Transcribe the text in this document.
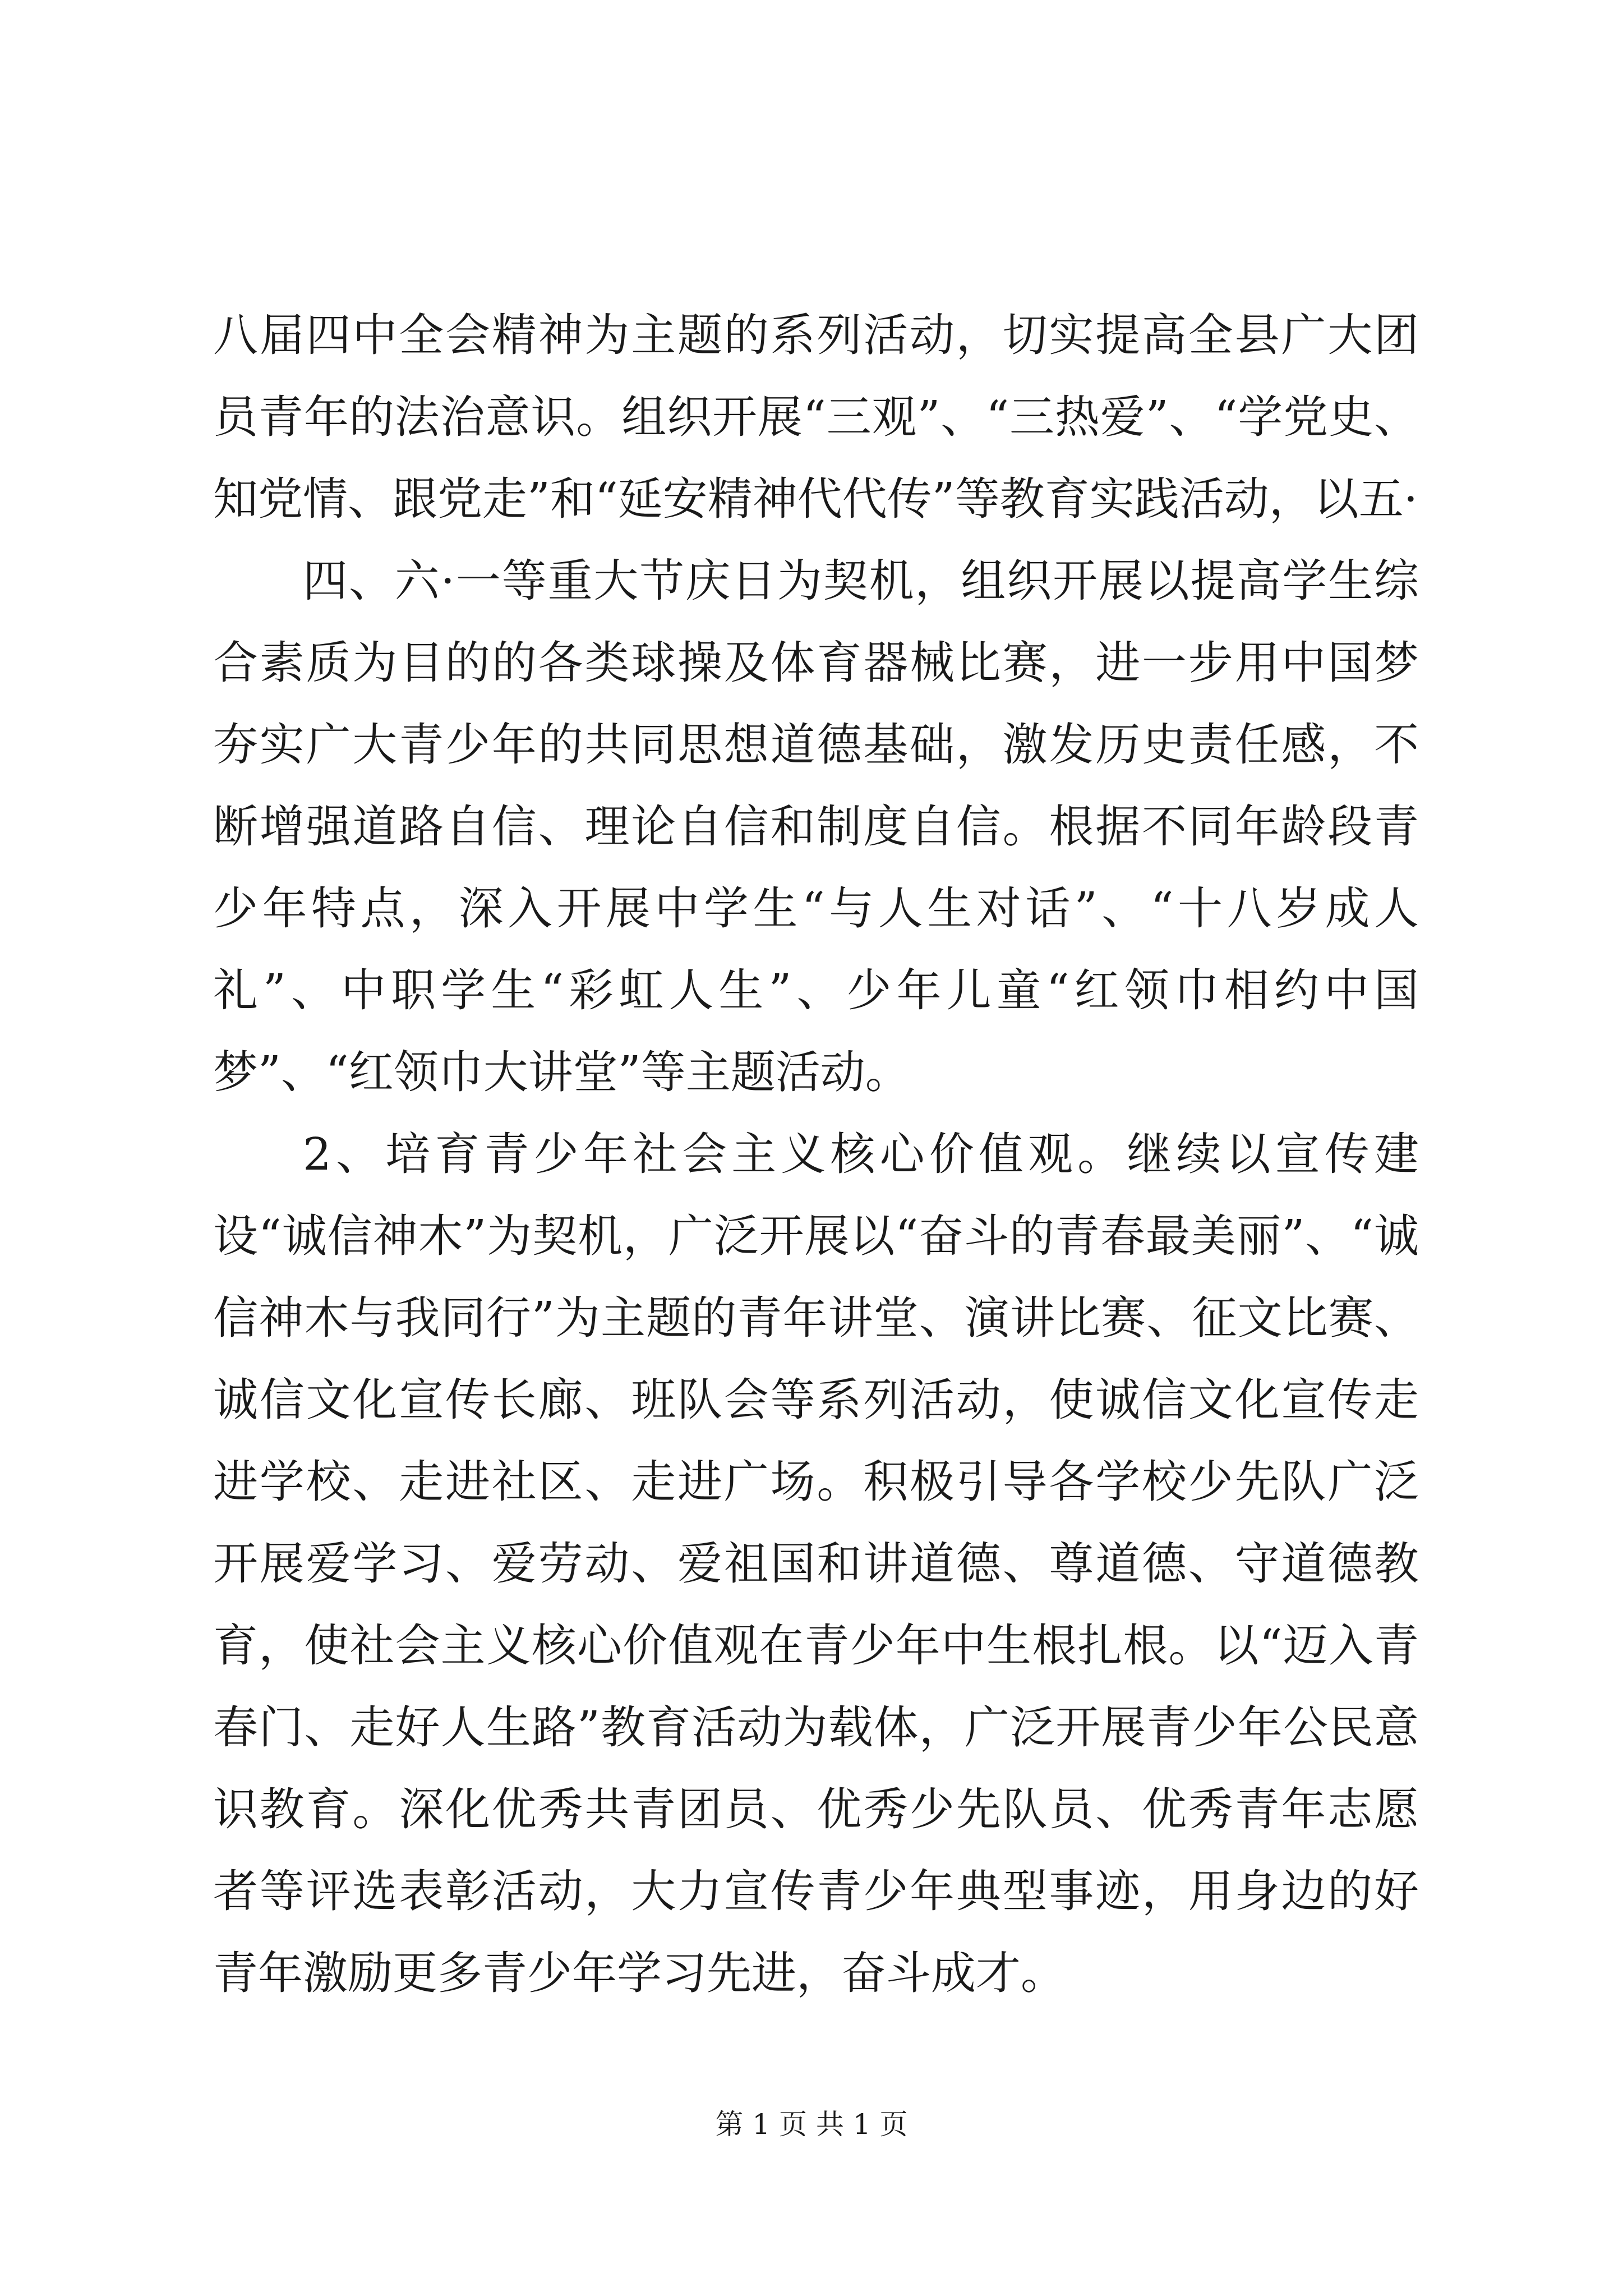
八届四中全会精神为主题的系列活动，切实提高全县广大团员青年的法治意识。组织开展“三观”、“三热爱”、“学党史、知党情、跟党走”和“延安精神代代传”等教育实践活动，以五·

四、六·一等重大节庆日为契机，组织开展以提高学生综合素质为目的的各类球操及体育器械比赛，进一步用中国梦夯实广大青少年的共同思想道德基础，激发历史责任感，不断增强道路自信、理论自信和制度自信。根据不同年龄段青少年特点，深入开展中学生“与人生对话”、“十八岁成人礼”、中职学生“彩虹人生”、少年儿童“红领巾相约中国梦”、“红领巾大讲堂”等主题活动。

2、培育青少年社会主义核心价值观。继续以宣传建设“诚信神木”为契机，广泛开展以“奋斗的青春最美丽”、“诚信神木与我同行”为主题的青年讲堂、演讲比赛、征文比赛、诚信文化宣传长廊、班队会等系列活动，使诚信文化宣传走进学校、走进社区、走进广场。积极引导各学校少先队广泛开展爱学习、爱劳动、爱祖国和讲道德、尊道德、守道德教育，使社会主义核心价值观在青少年中生根扎根。以“迈入青春门、走好人生路”教育活动为载体，广泛开展青少年公民意识教育。深化优秀共青团员、优秀少先队员、优秀青年志愿者等评选表彰活动，大力宣传青少年典型事迹，用身边的好青年激励更多青少年学习先进，奋斗成才。

第 1 页 共 1 页
